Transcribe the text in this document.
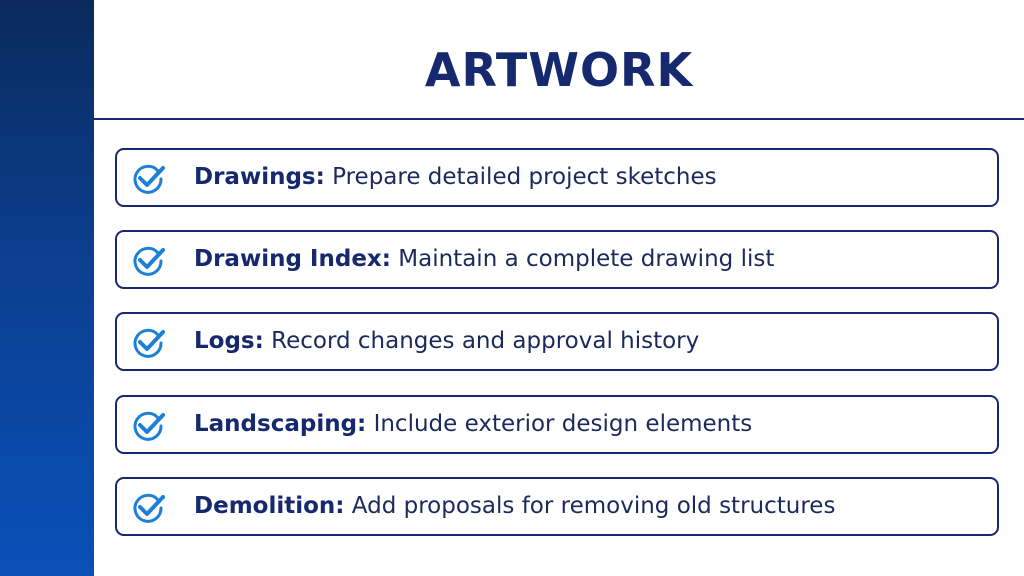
ARTWORK
Drawings: Prepare detailed project sketches
Drawing Index: Maintain a complete drawing list
Logs: Record changes and approval history
Landscaping: Include exterior design elements
Demolition: Add proposals for removing old structures
